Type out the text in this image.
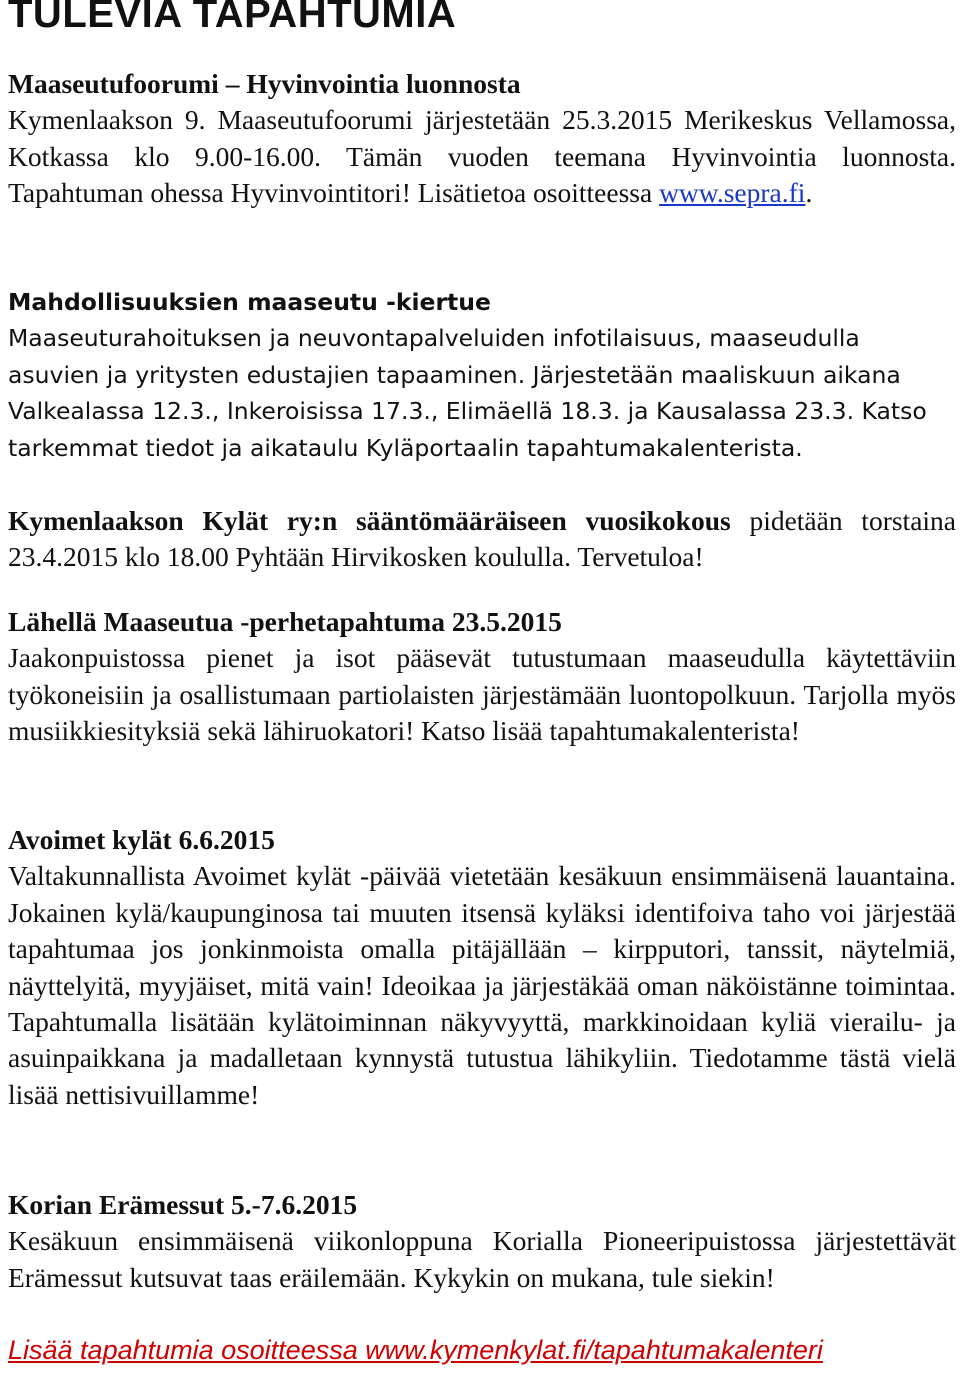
TULEVIA TAPAHTUMIA
Maaseutufoorumi – Hyvinvointia luonnosta
Kymenlaakson 9. Maaseutufoorumi järjestetään 25.3.2015 Merikeskus Vellamossa, Kotkassa klo 9.00-16.00. Tämän vuoden teemana Hyvinvointia luonnosta. Tapahtuman ohessa Hyvinvointitori! Lisätietoa osoitteessa www.sepra.fi.
Mahdollisuuksien maaseutu -kiertue
Maaseuturahoituksen ja neuvontapalveluiden infotilaisuus, maaseudulla asuvien ja yritysten edustajien tapaaminen. Järjestetään maaliskuun aikana Valkealassa 12.3., Inkeroisissa 17.3., Elimäellä 18.3. ja Kausalassa 23.3. Katso tarkemmat tiedot ja aikataulu Kyläportaalin tapahtumakalenterista.
Kymenlaakson Kylät ry:n sääntömääräiseen vuosikokous pidetään torstaina 23.4.2015 klo 18.00 Pyhtään Hirvikosken koululla. Tervetuloa!
Lähellä Maaseutua -perhetapahtuma 23.5.2015
Jaakonpuistossa pienet ja isot pääsevät tutustumaan maaseudulla käytettäviin työkoneisiin ja osallistumaan partiolaisten järjestämään luontopolkuun. Tarjolla myös musiikkiesityksiä sekä lähiruokatori! Katso lisää tapahtumakalenterista!
Avoimet kylät 6.6.2015
Valtakunnallista Avoimet kylät -päivää vietetään kesäkuun ensimmäisenä lauantaina. Jokainen kylä/kaupunginosa tai muuten itsensä kyläksi identifoiva taho voi järjestää tapahtumaa jos jonkinmoista omalla pitäjällään – kirpputori, tanssit, näytelmiä, näyttelyitä, myyjäiset, mitä vain! Ideoikaa ja järjestäkää oman näköistänne toimintaa. Tapahtumalla lisätään kylätoiminnan näkyvyyttä, markkinoidaan kyliä vierailu- ja asuinpaikkana ja madalletaan kynnystä tutustua lähikyliin. Tiedotamme tästä vielä lisää nettisivuillamme!
Korian Erämessut 5.-7.6.2015
Kesäkuun ensimmäisenä viikonloppuna Korialla Pioneeripuistossa järjestettävät Erämessut kutsuvat taas eräilemään. Kykykin on mukana, tule siekin!
Lisää tapahtumia osoitteessa www.kymenkylat.fi/tapahtumakalenteri
